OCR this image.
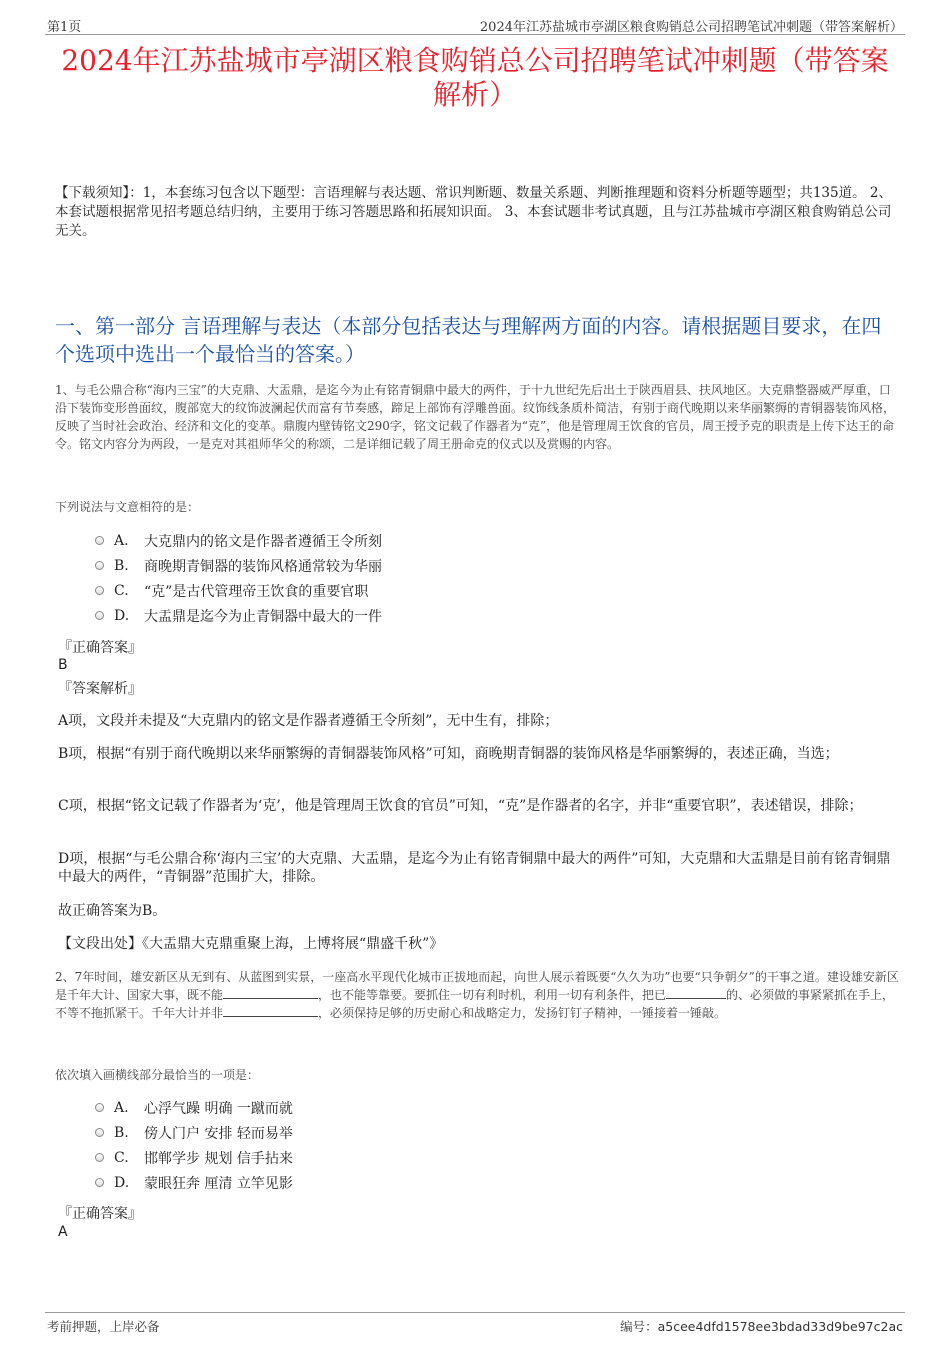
第1页	2024年江苏盐城市亭湖区粮食购销总公司招聘笔试冲刺题（带答案解析）
2024年江苏盐城市亭湖区粮食购销总公司招聘笔试冲刺题（带答案解析）
【下载须知】：1，本套练习包含以下题型：言语理解与表达题、常识判断题、数量关系题、判断推理题和资料分析题等题型；共135道。 2、本套试题根据常见招考题总结归纳，主要用于练习答题思路和拓展知识面。 3、本套试题非考试真题，且与江苏盐城市亭湖区粮食购销总公司无关。
一、第一部分 言语理解与表达（本部分包括表达与理解两方面的内容。请根据题目要求，在四个选项中选出一个最恰当的答案。）
1、与毛公鼎合称“海内三宝”的大克鼎、大盂鼎，是迄今为止有铭青铜鼎中最大的两件，于十九世纪先后出土于陕西眉县、扶风地区。大克鼎整器威严厚重，口沿下装饰变形兽面纹，腹部宽大的纹饰波澜起伏而富有节奏感，蹄足上部饰有浮雕兽面。纹饰线条质朴简洁，有别于商代晚期以来华丽繁缛的青铜器装饰风格，反映了当时社会政治、经济和文化的变革。鼎腹内壁铸铭文290字，铭文记载了作器者为“克”，他是管理周王饮食的官员，周王授予克的职责是上传下达王的命令。铭文内容分为两段，一是克对其祖师华父的称颂，二是详细记载了周王册命克的仪式以及赏赐的内容。
下列说法与文意相符的是：
A.	大克鼎内的铭文是作器者遵循王令所刻
B.	商晚期青铜器的装饰风格通常较为华丽
C.	“克”是古代管理帝王饮食的重要官职
D.	大盂鼎是迄今为止青铜器中最大的一件
『正确答案』
B
『答案解析』
A项，文段并未提及“大克鼎内的铭文是作器者遵循王令所刻”，无中生有，排除；
B项，根据“有别于商代晚期以来华丽繁缛的青铜器装饰风格”可知，商晚期青铜器的装饰风格是华丽繁缛的，表述正确，当选；
C项，根据“铭文记载了作器者为‘克’，他是管理周王饮食的官员”可知，“克”是作器者的名字，并非“重要官职”，表述错误，排除；
D项，根据“与毛公鼎合称‘海内三宝’的大克鼎、大盂鼎，是迄今为止有铭青铜鼎中最大的两件”可知，大克鼎和大盂鼎是目前有铭青铜鼎中最大的两件，“青铜器”范围扩大，排除。
故正确答案为B。
【文段出处】《大盂鼎大克鼎重聚上海，上博将展“鼎盛千秋”》
2、7年时间，雄安新区从无到有、从蓝图到实景，一座高水平现代化城市正拔地而起，向世人展示着既要“久久为功”也要“只争朝夕”的干事之道。建设雄安新区是千年大计、国家大事，既不能	，也不能等靠要。要抓住一切有利时机，利用一切有利条件，把已	的、必须做的事紧紧抓在手上，不等不拖抓紧干。千年大计并非	，必须保持足够的历史耐心和战略定力，发扬钉钉子精神，一锤接着一锤敲。
依次填入画横线部分最恰当的一项是：
A.	心浮气躁 明确 一蹴而就
B.	傍人门户 安排 轻而易举
C.	邯郸学步 规划 信手拈来
D.	蒙眼狂奔 厘清 立竿见影
『正确答案』
A
考前押题，上岸必备	编号：a5cee4dfd1578ee3bdad33d9be97c2ac
